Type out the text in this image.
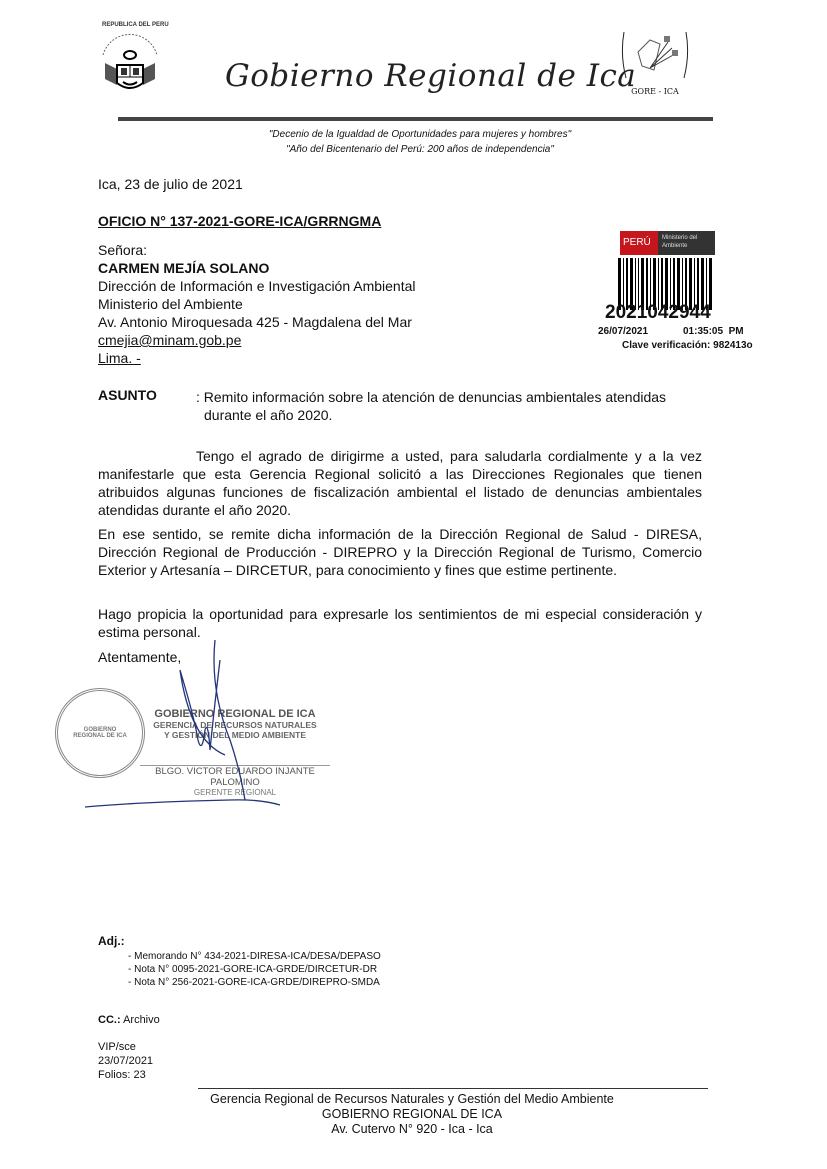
REPUBLICA DEL PERU
Gobierno Regional de Ica
GORE - ICA
"Decenio de la Igualdad de Oportunidades para mujeres y hombres"
"Año del Bicentenario del Perú: 200 años de independencia"
Ica, 23 de julio de 2021
OFICIO N° 137-2021-GORE-ICA/GRRNGMA
Señora:
CARMEN MEJÍA SOLANO
Dirección de Información e Investigación Ambiental
Ministerio del Ambiente
Av. Antonio Miroquesada 425 - Magdalena del Mar
cmejia@minam.gob.pe
Lima. -
PERÚ	Ministerio del Ambiente
2021042944
26/07/2021	01:35:05  PM
Clave verificación: 982413o
ASUNTO	: Remito información sobre la atención de denuncias ambientales atendidas
durante el año 2020.
Tengo el agrado de dirigirme a usted, para saludarla cordialmente y a la vez manifestarle que esta Gerencia Regional solicitó a las Direcciones Regionales que tienen atribuidos algunas funciones de fiscalización ambiental el listado de denuncias ambientales atendidas durante el año 2020.
En ese sentido, se remite dicha información de la Dirección Regional de Salud - DIRESA, Dirección Regional de Producción - DIREPRO y la Dirección Regional de Turismo, Comercio Exterior y Artesanía – DIRCETUR, para conocimiento y fines que estime pertinente.
Hago propicia la oportunidad para expresarle los sentimientos de mi especial consideración y estima personal.
Atentamente,
GOBIERNO REGIONAL DE ICA
GOBIERNO REGIONAL DE ICA
GERENCIA DE RECURSOS NATURALES
Y GESTIÓN DEL MEDIO AMBIENTE
BLGO. VICTOR EDUARDO INJANTE PALOMINO
GERENTE REGIONAL
Adj.:
- Memorando N° 434-2021-DIRESA-ICA/DESA/DEPASO
- Nota N° 0095-2021-GORE-ICA-GRDE/DIRCETUR-DR
- Nota N° 256-2021-GORE-ICA-GRDE/DIREPRO-SMDA
CC.: Archivo
VIP/sce
23/07/2021
Folios: 23
Gerencia Regional de Recursos Naturales y Gestión del Medio Ambiente
GOBIERNO REGIONAL DE ICA
Av. Cutervo N° 920 - Ica - Ica
